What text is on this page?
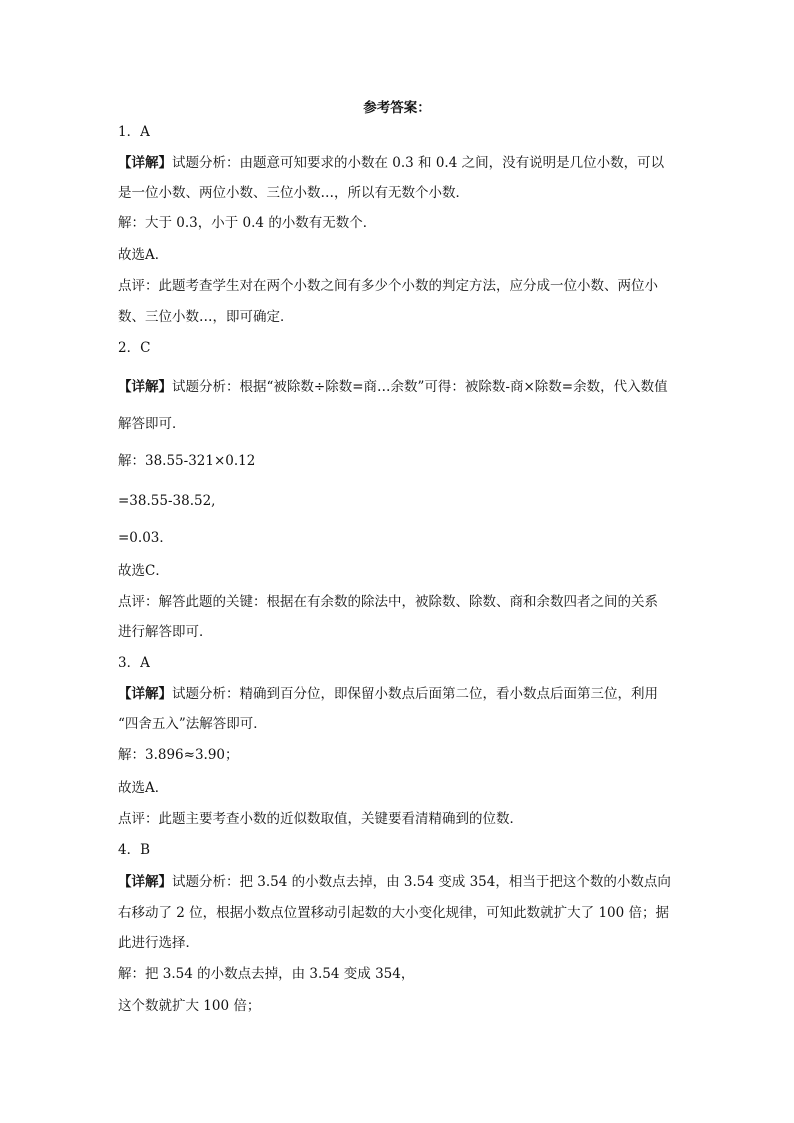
参考答案：
1．A
【详解】试题分析：由题意可知要求的小数在 0.3 和 0.4 之间，没有说明是几位小数，可以
是一位小数、两位小数、三位小数…，所以有无数个小数．
解：大于 0.3，小于 0.4 的小数有无数个．
故选A．
点评：此题考查学生对在两个小数之间有多少个小数的判定方法，应分成一位小数、两位小
数、三位小数…，即可确定．
2．C
【详解】试题分析：根据“被除数÷除数=商…余数”可得：被除数-商×除数=余数，代入数值
解答即可．
解：38.55-321×0.12
=38.55-38.52,
=0.03．
故选C．
点评：解答此题的关键：根据在有余数的除法中，被除数、除数、商和余数四者之间的关系
进行解答即可．
3．A
【详解】试题分析：精确到百分位，即保留小数点后面第二位，看小数点后面第三位，利用
“四舍五入”法解答即可．
解：3.896≈3.90；
故选A．
点评：此题主要考查小数的近似数取值，关键要看清精确到的位数．
4．B
【详解】试题分析：把 3.54 的小数点去掉，由 3.54 变成 354，相当于把这个数的小数点向
右移动了 2 位，根据小数点位置移动引起数的大小变化规律，可知此数就扩大了 100 倍；据
此进行选择．
解：把 3.54 的小数点去掉，由 3.54 变成 354，
这个数就扩大 100 倍；
